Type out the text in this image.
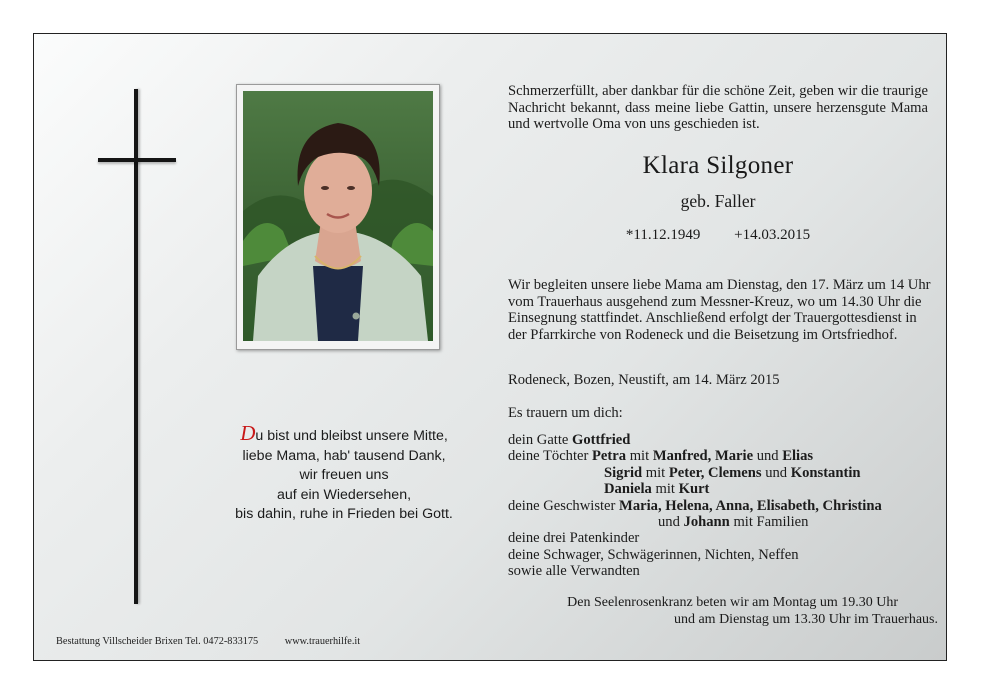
Du bist und bleibst unsere Mitte,
liebe Mama, hab' tausend Dank,
wir freuen uns
auf ein Wiedersehen,
bis dahin, ruhe in Frieden bei Gott.
Schmerzerfüllt, aber dankbar für die schöne Zeit, geben wir die traurige Nachricht bekannt, dass meine liebe Gattin, unsere herzensgute Mama und wertvolle Oma von uns geschieden ist.
Klara Silgoner
geb. Faller
*11.12.1949 +14.03.2015
Wir begleiten unsere liebe Mama am Dienstag, den 17. März um 14 Uhr vom Trauerhaus ausgehend zum Messner-Kreuz, wo um 14.30 Uhr die Einsegnung stattfindet. Anschließend erfolgt der Trauergottesdienst in der Pfarrkirche von Rodeneck und die Beisetzung im Ortsfriedhof.
Rodeneck, Bozen, Neustift, am 14. März 2015
Es trauern um dich:
dein Gatte Gottfried
deine Töchter Petra mit Manfred, Marie und Elias
Sigrid mit Peter, Clemens und Konstantin
Daniela mit Kurt
deine Geschwister Maria, Helena, Anna, Elisabeth, Christina
und Johann mit Familien
deine drei Patenkinder
deine Schwager, Schwägerinnen, Nichten, Neffen
sowie alle Verwandten
Den Seelenrosenkranz beten wir am Montag um 19.30 Uhr
und am Dienstag um 13.30 Uhr im Trauerhaus.
Bestattung Villscheider Brixen Tel. 0472-833175	www.trauerhilfe.it
